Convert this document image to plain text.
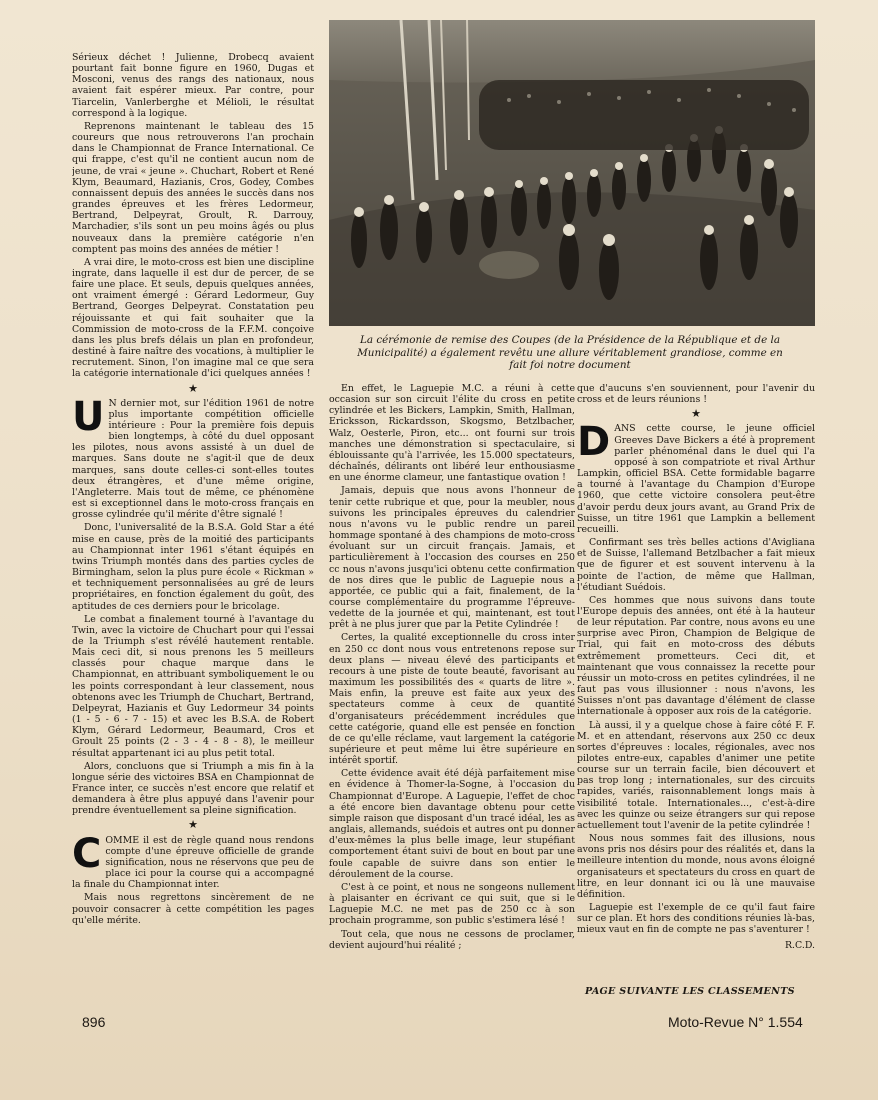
La cérémonie de remise des Coupes (de la Présidence de la République et de la Municipalité) a également revêtu une allure véritablement grandiose, comme en fait foi notre document

Sérieux déchet ! Julienne, Drobecq avaient pourtant fait bonne figure en 1960, Dugas et Mosconi, venus des rangs des nationaux, nous avaient fait espérer mieux. Par contre, pour Tiarcelin, Vanlerberghe et Mélioli, le résultat correspond à la logique.

Reprenons maintenant le tableau des 15 coureurs que nous retrouverons l'an prochain dans le Championnat de France International. Ce qui frappe, c'est qu'il ne contient aucun nom de jeune, de vrai « jeune ». Chuchart, Robert et René Klym, Beaumard, Hazianis, Cros, Godey, Combes connaissent depuis des années le succès dans nos grandes épreuves et les frères Ledormeur, Bertrand, Delpeyrat, Groult, R. Darrouy, Marchadier, s'ils sont un peu moins âgés ou plus nouveaux dans la première catégorie n'en comptent pas moins des années de métier !

A vrai dire, le moto-cross est bien une discipline ingrate, dans laquelle il est dur de percer, de se faire une place. Et seuls, depuis quelques années, ont vraiment émergé : Gérard Ledormeur, Guy Bertrand, Georges Delpeyrat. Constatation peu réjouissante et qui fait souhaiter que la Commission de moto-cross de la F.F.M. conçoive dans les plus brefs délais un plan en profondeur, destiné à faire naître des vocations, à multiplier le recrutement. Sinon, l'on imagine mal ce que sera la catégorie internationale d'ici quelques années !

★

U N dernier mot, sur l'édition 1961 de notre plus importante compétition officielle intérieure : Pour la première fois depuis bien longtemps, à côté du duel opposant les pilotes, nous avons assisté à un duel de marques. Sans doute ne s'agit-il que de deux marques, sans doute celles-ci sont-elles toutes deux étrangères, et d'une même origine, l'Angleterre. Mais tout de même, ce phénomène est si exceptionnel dans le moto-cross français en grosse cylindrée qu'il mérite d'être signalé !

Donc, l'universalité de la B.S.A. Gold Star a été mise en cause, près de la moitié des participants au Championnat inter 1961 s'étant équipés en twins Triumph montés dans des parties cycles de Birmingham, selon la plus pure école « Rickman » et techniquement personnalisées au gré de leurs propriétaires, en fonction également du goût, des aptitudes de ces derniers pour le bricolage.

Le combat a finalement tourné à l'avantage du Twin, avec la victoire de Chuchart pour qui l'essai de la Triumph s'est révélé hautement rentable. Mais ceci dit, si nous prenons les 5 meilleurs classés pour chaque marque dans le Championnat, en attribuant symboliquement le ou les points correspondant à leur classement, nous obtenons avec les Triumph de Chuchart, Bertrand, Delpeyrat, Hazianis et Guy Ledormeur 34 points (1 - 5 - 6 - 7 - 15) et avec les B.S.A. de Robert Klym, Gérard Ledormeur, Beaumard, Cros et Groult 25 points (2 - 3 - 4 - 8 - 8), le meilleur résultat appartenant ici au plus petit total.

Alors, concluons que si Triumph a mis fin à la longue série des victoires BSA en Championnat de France inter, ce succès n'est encore que relatif et demandera à être plus appuyé dans l'avenir pour prendre éventuellement sa pleine signification.

★

COMME il est de règle quand nous rendons compte d'une épreuve officielle de grande signification, nous ne réservons que peu de place ici pour la course qui a accompagné la finale du Championnat inter.

Mais nous regrettons sincèrement de ne pouvoir consacrer à cette compétition les pages qu'elle mérite.

En effet, le Laguepie M.C. a réuni à cette occasion sur son circuit l'élite du cross en petite cylindrée et les Bickers, Lampkin, Smith, Hallman, Ericksson, Rickardsson, Skogsmo, Betzlbacher, Walz, Oesterle, Piron, etc... ont fourni sur trois manches une démonstration si spectaculaire, si éblouissante qu'à l'arrivée, les 15.000 spectateurs, déchaînés, délirants ont libéré leur enthousiasme en une énorme clameur, une fantastique ovation !

Jamais, depuis que nous avons l'honneur de tenir cette rubrique et que, pour la meubler, nous suivons les principales épreuves du calendrier nous n'avons vu le public rendre un pareil hommage spontané à des champions de moto-cross évoluant sur un circuit français. Jamais, et particulièrement à l'occasion des courses en 250 cc nous n'avons jusqu'ici obtenu cette confirmation de nos dires que le public de Laguepie nous a apportée, ce public qui a fait, finalement, de la course complémentaire du programme l'épreuve-vedette de la journée et qui, maintenant, est tout prêt à ne plus jurer que par la Petite Cylindrée !

Certes, la qualité exceptionnelle du cross inter en 250 cc dont nous vous entretenons repose sur deux plans — niveau élevé des participants et recours à une piste de toute beauté, favorisant au maximum les possibilités des « quarts de litre ». Mais enfin, la preuve est faite aux yeux des spectateurs comme à ceux de quantité d'organisateurs précédemment incrédules que cette catégorie, quand elle est pensée en fonction de ce qu'elle réclame, vaut largement la catégorie supérieure et peut même lui être supérieure en intérêt sportif.

Cette évidence avait été déjà parfaitement mise en évidence à Thomer-la-Sogne, à l'occasion du Championnat d'Europe. A Laguepie, l'effet de choc a été encore bien davantage obtenu pour cette simple raison que disposant d'un tracé idéal, les as anglais, allemands, suédois et autres ont pu donner d'eux-mêmes la plus belle image, leur stupéfiant comportement étant suivi de bout en bout par une foule capable de suivre dans son entier le déroulement de la course.

C'est à ce point, et nous ne songeons nullement à plaisanter en écrivant ce qui suit, que si le Laguepie M.C. ne met pas de 250 cc à son prochain programme, son public s'estimera lésé !

Tout cela, que nous ne cessons de proclamer, devient aujourd'hui réalité ;

que d'aucuns s'en souviennent, pour l'avenir du cross et de leurs réunions !

★

DANS cette course, le jeune officiel Greeves Dave Bickers a été à proprement parler phénoménal dans le duel qui l'a opposé à son compatriote et rival Arthur Lampkin, officiel BSA. Cette formidable bagarre a tourné à l'avantage du Champion d'Europe 1960, que cette victoire consolera peut-être d'avoir perdu deux jours avant, au Grand Prix de Suisse, un titre 1961 que Lampkin a bellement recueilli.

Confirmant ses très belles actions d'Avigliana et de Suisse, l'allemand Betzlbacher a fait mieux que de figurer et est souvent intervenu à la pointe de l'action, de même que Hallman, l'étudiant Suédois.

Ces hommes que nous suivons dans toute l'Europe depuis des années, ont été à la hauteur de leur réputation. Par contre, nous avons eu une surprise avec Piron, Champion de Belgique de Trial, qui fait en moto-cross des débuts extrêmement prometteurs. Ceci dit, et maintenant que vous connaissez la recette pour réussir un moto-cross en petites cylindrées, il ne faut pas vous illusionner : nous n'avons, les Suisses n'ont pas davantage d'élément de classe internationale à opposer aux rois de la catégorie.

Là aussi, il y a quelque chose à faire côté F. F. M. et en attendant, réservons aux 250 cc deux sortes d'épreuves : locales, régionales, avec nos pilotes entre-eux, capables d'animer une petite course sur un terrain facile, bien découvert et pas trop long ; internationales, sur des circuits rapides, variés, raisonnablement longs mais à visibilité totale. Internationales..., c'est-à-dire avec les quinze ou seize étrangers sur qui repose actuellement tout l'avenir de la petite cylindrée !

Nous nous sommes fait des illusions, nous avons pris nos désirs pour des réalités et, dans la meilleure intention du monde, nous avons éloigné organisateurs et spectateurs du cross en quart de litre, en leur donnant ici ou là une mauvaise définition.

Laguepie est l'exemple de ce qu'il faut faire sur ce plan. Et hors des conditions réunies là-bas, mieux vaut en fin de compte ne pas s'aventurer !

R.C.D.

PAGE SUIVANTE LES CLASSEMENTS
896	Moto-Revue N° 1.554
